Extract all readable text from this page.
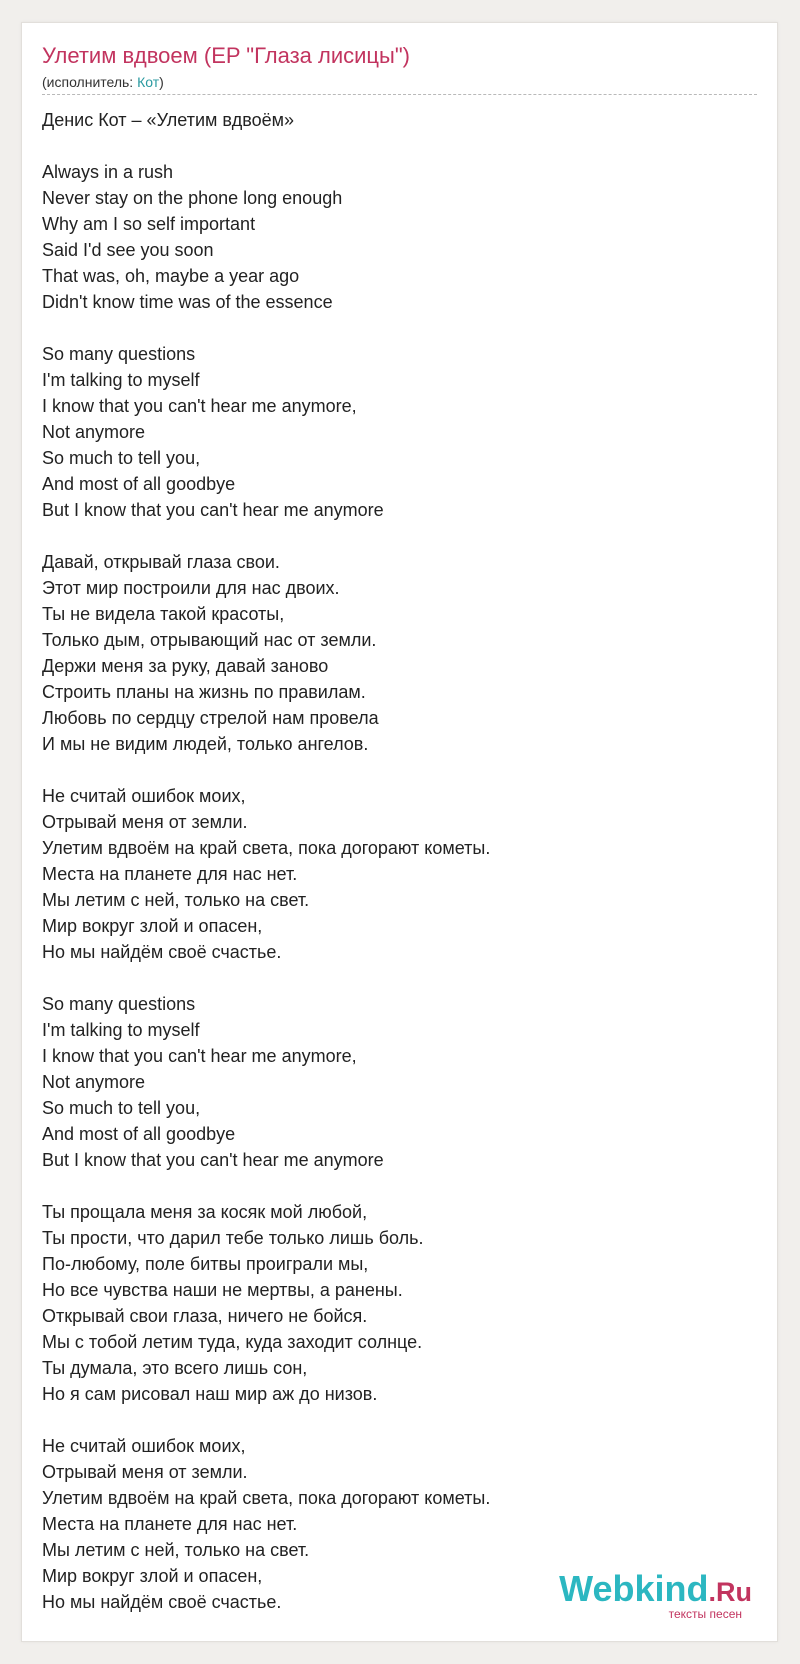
Улетим вдвоем (EP "Глаза лисицы")
(исполнитель: Кот)
Денис Кот – «Улетим вдвоём»
Always in a rush
Never stay on the phone long enough
Why am I so self important
Said I'd see you soon
That was, oh, maybe a year ago
Didn't know time was of the essence
So many questions
I'm talking to myself
I know that you can't hear me anymore,
Not anymore
So much to tell you,
And most of all goodbye
But I know that you can't hear me anymore
Давай, открывай глаза свои.
Этот мир построили для нас двоих.
Ты не видела такой красоты,
Только дым, отрывающий нас от земли.
Держи меня за руку, давай заново
Строить планы на жизнь по правилам.
Любовь по сердцу стрелой нам провела
И мы не видим людей, только ангелов.
Не считай ошибок моих,
Отрывай меня от земли.
Улетим вдвоём на край света, пока догорают кометы.
Места на планете для нас нет.
Мы летим с ней, только на свет.
Мир вокруг злой и опасен,
Но мы найдём своё счастье.
So many questions
I'm talking to myself
I know that you can't hear me anymore,
Not anymore
So much to tell you,
And most of all goodbye
But I know that you can't hear me anymore
Ты прощала меня за косяк мой любой,
Ты прости, что дарил тебе только лишь боль.
По-любому, поле битвы проиграли мы,
Но все чувства наши не мертвы, а ранены.
Открывай свои глаза, ничего не бойся.
Мы с тобой летим туда, куда заходит солнце.
Ты думала, это всего лишь сон,
Но я сам рисовал наш мир аж до низов.
Не считай ошибок моих,
Отрывай меня от земли.
Улетим вдвоём на край света, пока догорают кометы.
Места на планете для нас нет.
Мы летим с ней, только на свет.
Мир вокруг злой и опасен,
Но мы найдём своё счастье.	Webkind.Ru
тексты песен
